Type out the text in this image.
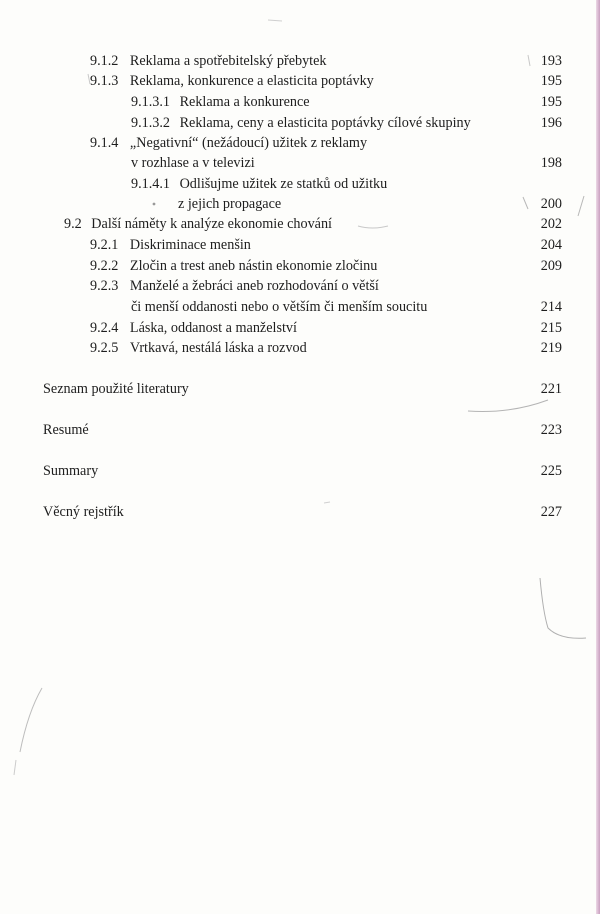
9.1.2 Reklama a spotřebitelský přebytek	193
9.1.3 Reklama, konkurence a elasticita poptávky	195
9.1.3.1 Reklama a konkurence	195
9.1.3.2 Reklama, ceny a elasticita poptávky cílové skupiny	196
9.1.4 „Negativní“ (nežádoucí) užitek z reklamy
v rozhlase a v televizi	198
9.1.4.1 Odlišujme užitek ze statků od užitku
z jejich propagace	200
9.2 Další náměty k analýze ekonomie chování	202
9.2.1 Diskriminace menšin	204
9.2.2 Zločin a trest aneb nástin ekonomie zločinu	209
9.2.3 Manželé a žebráci aneb rozhodování o větší
či menší oddanosti nebo o větším či menším soucitu	214
9.2.4 Láska, oddanost a manželství	215
9.2.5 Vrtkavá, nestálá láska a rozvod	219
Seznam použité literatury	221
Resumé	223
Summary	225
Věcný rejstřík	227
